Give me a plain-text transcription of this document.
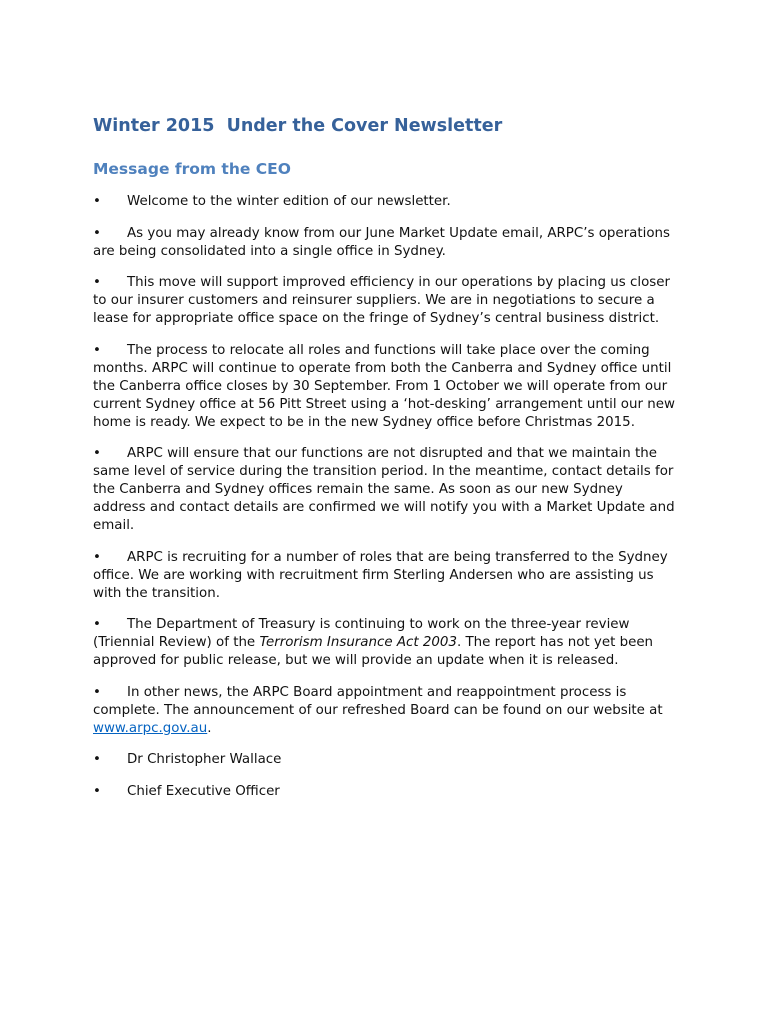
Winter 2015  Under the Cover Newsletter
Message from the CEO
• Welcome to the winter edition of our newsletter.
• As you may already know from our June Market Update email, ARPC’s operations are being consolidated into a single office in Sydney.
• This move will support improved efficiency in our operations by placing us closer to our insurer customers and reinsurer suppliers. We are in negotiations to secure a lease for appropriate office space on the fringe of Sydney’s central business district.
• The process to relocate all roles and functions will take place over the coming months. ARPC will continue to operate from both the Canberra and Sydney office until the Canberra office closes by 30 September. From 1 October we will operate from our current Sydney office at 56 Pitt Street using a ‘hot-desking’ arrangement until our new home is ready. We expect to be in the new Sydney office before Christmas 2015.
• ARPC will ensure that our functions are not disrupted and that we maintain the same level of service during the transition period. In the meantime, contact details for the Canberra and Sydney offices remain the same. As soon as our new Sydney address and contact details are confirmed we will notify you with a Market Update and email.
• ARPC is recruiting for a number of roles that are being transferred to the Sydney office. We are working with recruitment firm Sterling Andersen who are assisting us with the transition.
• The Department of Treasury is continuing to work on the three-year review (Triennial Review) of the Terrorism Insurance Act 2003. The report has not yet been approved for public release, but we will provide an update when it is released.
• In other news, the ARPC Board appointment and reappointment process is complete. The announcement of our refreshed Board can be found on our website at www.arpc.gov.au.
• Dr Christopher Wallace
• Chief Executive Officer
